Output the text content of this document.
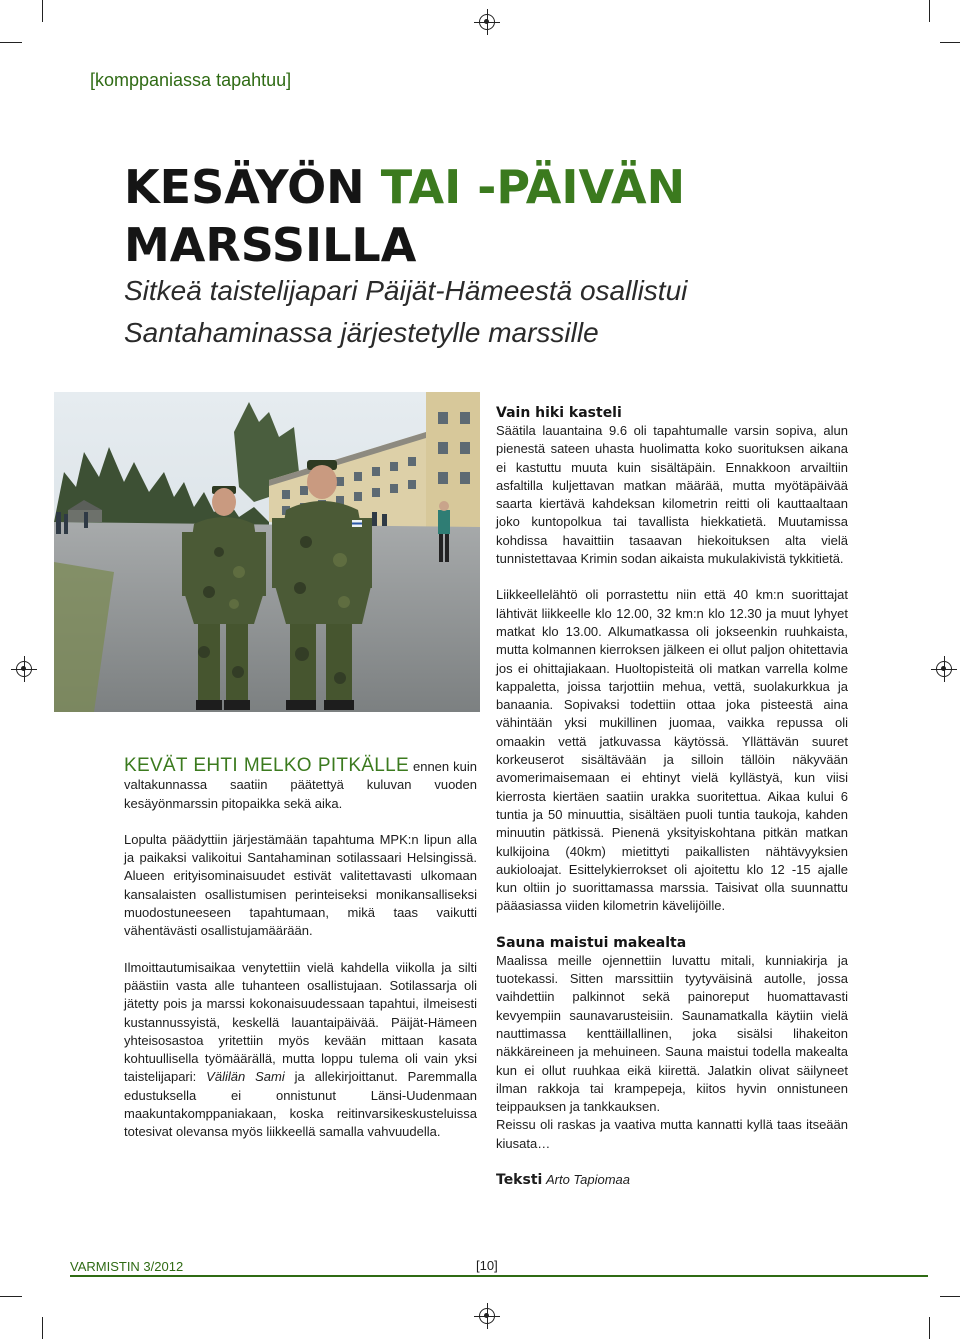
[komppaniassa tapahtuu]
KESÄYÖN TAI -PÄIVÄN
MARSSILLA
Sitkeä taistelijapari Päijät-Hämeestä osallistui
Santahaminassa järjestetylle marssille

KEVÄT EHTI MELKO PITKÄLLE ennen kuin valtakunnassa saatiin päätettyä kuluvan vuoden kesäyönmarssin pitopaikka sekä aika.

Lopulta päädyttiin järjestämään tapahtuma MPK:n lipun alla ja paikaksi valikoitui Santahaminan sotilassaari Helsingissä. Alueen erityisominaisuudet estivät valitettavasti ulkomaan kansalaisten osallistumisen perinteiseksi monikansalliseksi muodostuneeseen tapahtumaan, mikä taas vaikutti vähentävästi osallistujamäärään.

Ilmoittautumisaikaa venytettiin vielä kahdella viikolla ja silti päästiin vasta alle tuhanteen osallistujaan. Sotilassarja oli jätetty pois ja marssi kokonaisuudessaan tapahtui, ilmeisesti kustannussyistä, keskellä lauantaipäivää. Päijät-Hämeen yhteisosastoa yritettiin myös kevään mittaan kasata kohtuullisella työmäärällä, mutta loppu tulema oli vain yksi taistelijapari: Välilän Sami ja allekirjoittanut. Paremmalla edustuksella ei onnistunut Länsi-Uudenmaan maakuntakomppaniakaan, koska reitinvarsikeskusteluissa totesivat olevansa myös liikkeellä samalla vahvuudella.

Vain hiki kasteli

Säätila lauantaina 9.6 oli tapahtumalle varsin sopiva, alun pienestä sateen uhasta huolimatta koko suorituksen aikana ei kastuttu muuta kuin sisältäpäin. Ennakkoon arvailtiin asfaltilla kuljettavan matkan määrää, mutta myötäpäivää saarta kiertävä kahdeksan kilometrin reitti oli kauttaaltaan joko kuntopolkua tai tavallista hiekkatietä. Muutamissa kohdissa havaittiin tasaavan hiekoituksen alta vielä tunnistettavaa Krimin sodan aikaista mukulakivistä tykkitietä.

Liikkeellelähtö oli porrastettu niin että 40 km:n suorittajat lähtivät liikkeelle klo 12.00, 32 km:n klo 12.30 ja muut lyhyet matkat klo 13.00. Alkumatkassa oli jokseenkin ruuhkaista, mutta kolmannen kierroksen jälkeen ei ollut paljon ohitettavia jos ei ohittajiakaan. Huoltopisteitä oli matkan varrella kolme kappaletta, joissa tarjottiin mehua, vettä, suolakurkkua ja banaania. Sopivaksi todettiin ottaa joka pisteestä aina vähintään yksi mukillinen juomaa, vaikka repussa oli omaakin vettä jatkuvassa käytössä. Yllättävän suuret korkeuserot sisältävään ja silloin tällöin näkyvään avomerimaisemaan ei ehtinyt vielä kyllästyä, kun viisi kierrosta kiertäen saatiin urakka suoritettua. Aikaa kului 6 tuntia ja 50 minuuttia, sisältäen puoli tuntia taukoja, kahden minuutin pätkissä. Pienenä yksityiskohtana pitkän matkan kulkijoina (40km) mietittyti paikallisten nähtävyyksien aukioloajat. Esittelykierrokset oli ajoitettu klo 12 -15 ajalle kun oltiin jo suorittamassa marssia. Taisivat olla suunnattu pääasiassa viiden kilometrin kävelijöille.

Sauna maistui makealta

Maalissa meille ojennettiin luvattu mitali, kunniakirja ja tuotekassi. Sitten marssittiin tyytyväisinä autolle, jossa vaihdettiin palkinnot sekä painoreput huomattavasti kevyempiin saunavarusteisiin. Saunamatkalla käytiin vielä nauttimassa kenttäillallinen, joka sisälsi lihakeiton näkkäreineen ja mehuineen. Sauna maistui todella makealta kun ei ollut ruuhkaa eikä kiirettä. Jalatkin olivat säilyneet ilman rakkoja tai krampepeja, kiitos hyvin onnistuneen teippauksen ja tankkauksen.

Reissu oli raskas ja vaativa mutta kannatti kyllä taas itseään kiusata…

Teksti Arto Tapiomaa

VARMISTIN 3/2012	[10]
